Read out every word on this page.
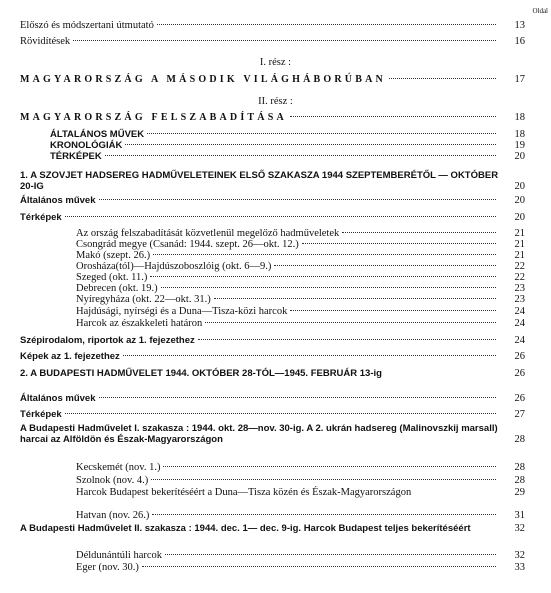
Oldal
Előszó és módszertani útmutató	13
Rövidítések	16
I. rész :
MAGYARORSZÁG A MÁSODIK VILÁGHÁBORÚBAN	17
II. rész :
MAGYARORSZÁG FELSZABADÍTÁSA	18
ÁLTALÁNOS MŰVEK	18
KRONOLÓGIÁK	19
TÉRKÉPEK	20
1. A SZOVJET HADSEREG HADMŰVELETEINEK ELSŐ SZAKASZA 1944 SZEPTEMBERÉTŐL — OKTÓBER 20-IG	20
Általános művek	20
Térképek	20
Az ország felszabadítását közvetlenül megelőző hadműveletek	21
Csongrád megye (Csanád: 1944. szept. 26—okt. 12.)	21
Makó (szept. 26.)	21
Orosháza(tól)—Hajdúszoboszlóig (okt. 6—9.)	22
Szeged (okt. 11.)	22
Debrecen (okt. 19.)	23
Nyíregyháza (okt. 22—okt. 31.)	23
Hajdúsági, nyírségi és a Duna—Tisza-közi harcok	24
Harcok az északkeleti határon	24
Szépirodalom, riportok az 1. fejezethez	24
Képek az 1. fejezethez	26
2. A BUDAPESTI HADMŰVELET 1944. OKTÓBER 28-TÓL—1945. FEBRUÁR 13-ig	26
Általános művek	26
Térképek	27
A Budapesti Hadművelet I. szakasza : 1944. okt. 28—nov. 30-ig. A 2. ukrán hadsereg (Malinovszkij marsall) harcai az Alföldön és Észak-Magyarországon	28
Kecskemét (nov. 1.)	28
Szolnok (nov. 4.)	28
Harcok Budapest bekerítéséért a Duna—Tisza közén és Észak-Magyarországon	29
Hatvan (nov. 26.)	31
A Budapesti Hadművelet II. szakasza : 1944. dec. 1— dec. 9-ig. Harcok Budapest teljes bekerítéséért	32
Déldunántúli harcok	32
Eger (nov. 30.)	33
